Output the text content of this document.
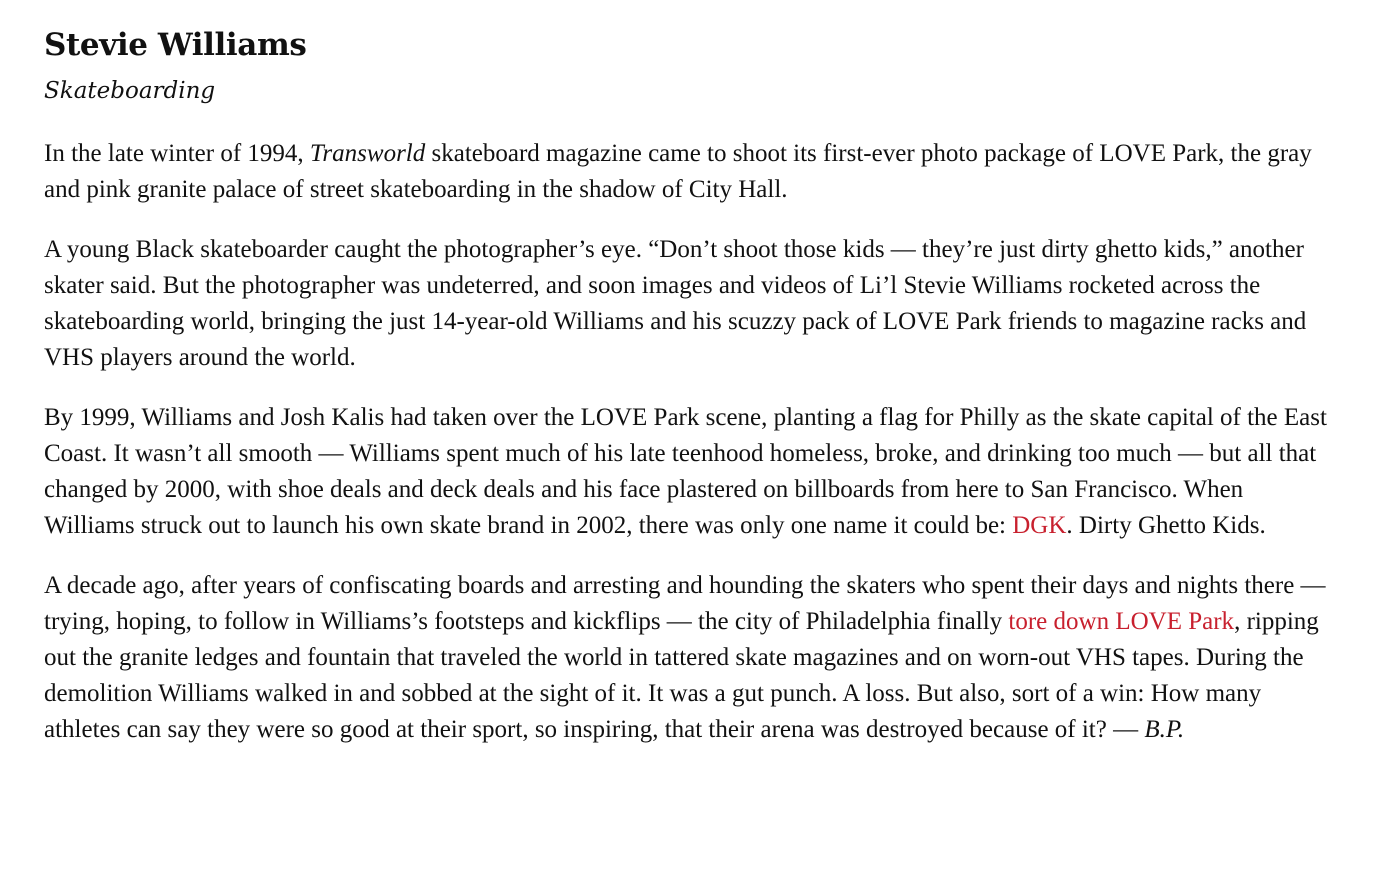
Stevie Williams
Skateboarding

In the late winter of 1994, Transworld skateboard magazine came to shoot its first-ever photo package of LOVE Park, the gray and pink granite palace of street skateboarding in the shadow of City Hall.

A young Black skateboarder caught the photographer’s eye. “Don’t shoot those kids — they’re just dirty ghetto kids,” another skater said. But the photographer was undeterred, and soon images and videos of Li’l Stevie Williams rocketed across the skateboarding world, bringing the just 14-year-old Williams and his scuzzy pack of LOVE Park friends to magazine racks and VHS players around the world.

By 1999, Williams and Josh Kalis had taken over the LOVE Park scene, planting a flag for Philly as the skate capital of the East Coast. It wasn’t all smooth — Williams spent much of his late teenhood homeless, broke, and drinking too much — but all that changed by 2000, with shoe deals and deck deals and his face plastered on billboards from here to San Francisco. When Williams struck out to launch his own skate brand in 2002, there was only one name it could be: DGK. Dirty Ghetto Kids.

A decade ago, after years of confiscating boards and arresting and hounding the skaters who spent their days and nights there — trying, hoping, to follow in Williams’s footsteps and kickflips — the city of Philadelphia finally tore down LOVE Park, ripping out the granite ledges and fountain that traveled the world in tattered skate magazines and on worn-out VHS tapes. During the demolition Williams walked in and sobbed at the sight of it. It was a gut punch. A loss. But also, sort of a win: How many athletes can say they were so good at their sport, so inspiring, that their arena was destroyed because of it? — B.P.
